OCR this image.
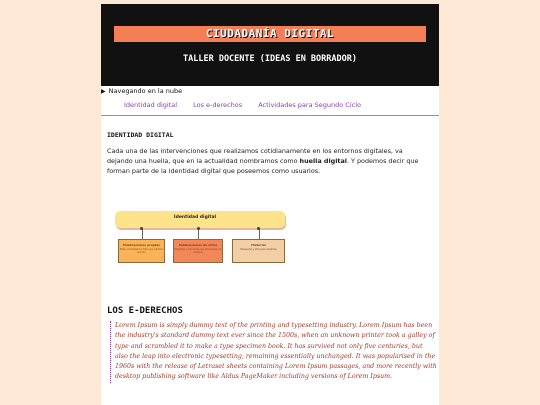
CIUDADANÍA DIGITAL
TALLER DOCENTE (IDEAS EN BORRADOR)
▶ Navegando en la nube
Identidad digital Los e-derechos Actividades para Segundo Ciclo
IDENTIDAD DIGITAL
Cada una de las intervenciones que realizamos cotidianamente en los entornos digitales, va dejando una huella, que en la actualidad nombramos como huella digital. Y podemos decir que forman parte de la identidad digital que poseemos como usuarios.
Identidad digital
Publicaciones propias
Posts, comentarios y fotos que subimos a la red
Publicaciones de otros
Etiquetas y menciones que otros hacen de nosotros
Historial
Búsquedas y sitios que visitamos
LOS E-DERECHOS
Lorem Ipsum is simply dummy text of the printing and typesetting industry. Lorem Ipsum has been the industry's standard dummy text ever since the 1500s, when an unknown printer took a galley of type and scrambled it to make a type specimen book. It has survived not only five centuries, but also the leap into electronic typesetting, remaining essentially unchanged. It was popularised in the 1960s with the release of Letraset sheets containing Lorem Ipsum passages, and more recently with desktop publishing software like Aldus PageMaker including versions of Lorem Ipsum.
